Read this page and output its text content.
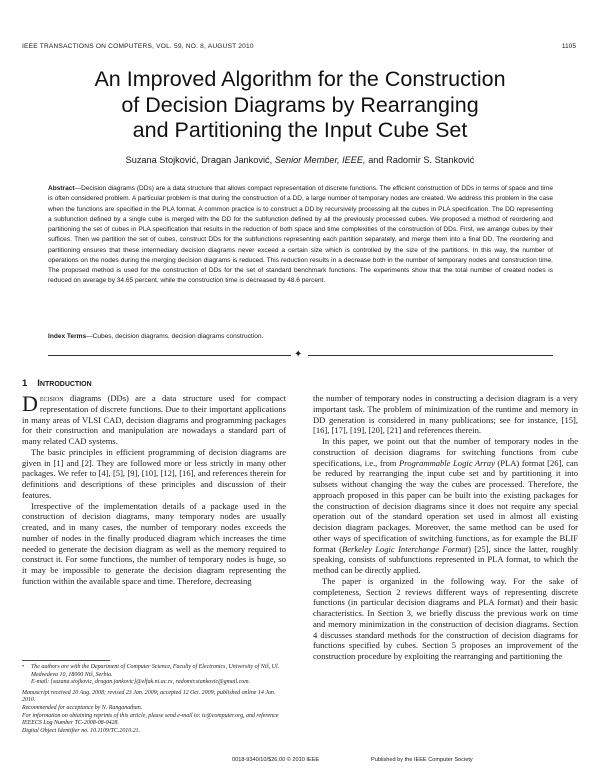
IEEE TRANSACTIONS ON COMPUTERS, VOL. 59, NO. 8, AUGUST 2010	1105
An Improved Algorithm for the Construction
of Decision Diagrams by Rearranging
and Partitioning the Input Cube Set
Suzana Stojković, Dragan Janković, Senior Member, IEEE, and Radomir S. Stanković
Abstract—Decision diagrams (DDs) are a data structure that allows compact representation of discrete functions. The efficient construction of DDs in terms of space and time is often considered problem. A particular problem is that during the construction of a DD, a large number of temporary nodes are created. We address this problem in the case when the functions are specified in the PLA format. A common practice is to construct a DD by recursively processing all the cubes in PLA specification. The DD representing a subfunction defined by a single cube is merged with the DD for the subfunction defined by all the previously processed cubes. We proposed a method of reordering and partitioning the set of cubes in PLA specification that results in the reduction of both space and time complexities of the construction of DDs. First, we arrange cubes by their suffices. Then we partition the set of cubes, construct DDs for the subfunctions representing each partition separately, and merge them into a final DD. The reordering and partitioning ensures that these intermediary decision diagrams never exceed a certain size which is controlled by the size of the partitions. In this way, the number of operations on the nodes during the merging decision diagrams is reduced. This reduction results in a decrease both in the number of temporary nodes and construction time. The proposed method is used for the construction of DDs for the set of standard benchmark functions. The experiments show that the total number of created nodes is reduced on average by 34.65 percent, while the construction time is decreased by 48.6 percent.
Index Terms—Cubes, decision diagrams, decision diagrams construction.
✦
1 Introduction

Decision diagrams (DDs) are a data structure used for compact representation of discrete functions. Due to their important applications in many areas of VLSI CAD, decision diagrams and programming packages for their construction and manipulation are nowadays a standard part of many related CAD systems.

The basic principles in efficient programming of decision diagrams are given in [1] and [2]. They are followed more or less strictly in many other packages. We refer to [4], [5], [9], [10], [12], [16], and references therein for definitions and descriptions of these principles and discussion of their features.

Irrespective of the implementation details of a package used in the construction of decision diagrams, many temporary nodes are usually created, and in many cases, the number of temporary nodes exceeds the number of nodes in the finally produced diagram which increases the time needed to generate the decision diagram as well as the memory required to construct it. For some functions, the number of temporary nodes is huge, so it may be impossible to generate the decision diagram representing the function within the available space and time. Therefore, decreasing

the number of temporary nodes in constructing a decision diagram is a very important task. The problem of minimization of the runtime and memory in DD generation is considered in many publications; see for instance, [15], [16], [17], [19], [20], [21] and references therein.

In this paper, we point out that the number of temporary nodes in the construction of decision diagrams for switching functions from cube specifications, i.e., from Programmable Logic Array (PLA) format [26], can be reduced by rearranging the input cube set and by partitioning it into subsets without changing the way the cubes are processed. Therefore, the approach proposed in this paper can be built into the existing packages for the construction of decision diagrams since it does not require any special operation out of the standard operation set used in almost all existing decision diagram packages. Moreover, the same method can be used for other ways of specification of switching functions, as for example the BLIF format (Berkeley Logic Interchange Format) [25], since the latter, roughly speaking, consists of subfunctions represented in PLA format, to which the method can be directly applied.

The paper is organized in the following way. For the sake of completeness, Section 2 reviews different ways of representing discrete functions (in particular decision diagrams and PLA format) and their basic characteristics. In Section 3, we briefly discuss the previous work on time and memory minimization in the construction of decision diagrams. Section 4 discusses standard methods for the construction of decision diagrams for functions specified by cubes. Section 5 proposes an improvement of the construction procedure by exploiting the rearranging and partitioning the

•	The authors are with the Department of Computer Science, Faculty of Electronics, University of Niš, Ul. Medvedeva 10, 18000 Niš, Serbia.
E-mail: {suzana.stojkovic, dragan.jankovic}@elfak.ni.ac.rs, radomir.stankovic@gmail.com.
Manuscript received 20 Aug. 2008; revised 23 Jan. 2009; accepted 12 Oct. 2009; published online 14 Jan. 2010.
Recommended for acceptance by N. Ranganathan.
For information on obtaining reprints of this article, please send e-mail to: tc@computer.org, and reference IEEECS Log Number TC-2008-08-0428.
Digital Object Identifier no. 10.1109/TC.2010.21.
0018-9340/10/$26.00 © 2010 IEEE	Published by the IEEE Computer Society
